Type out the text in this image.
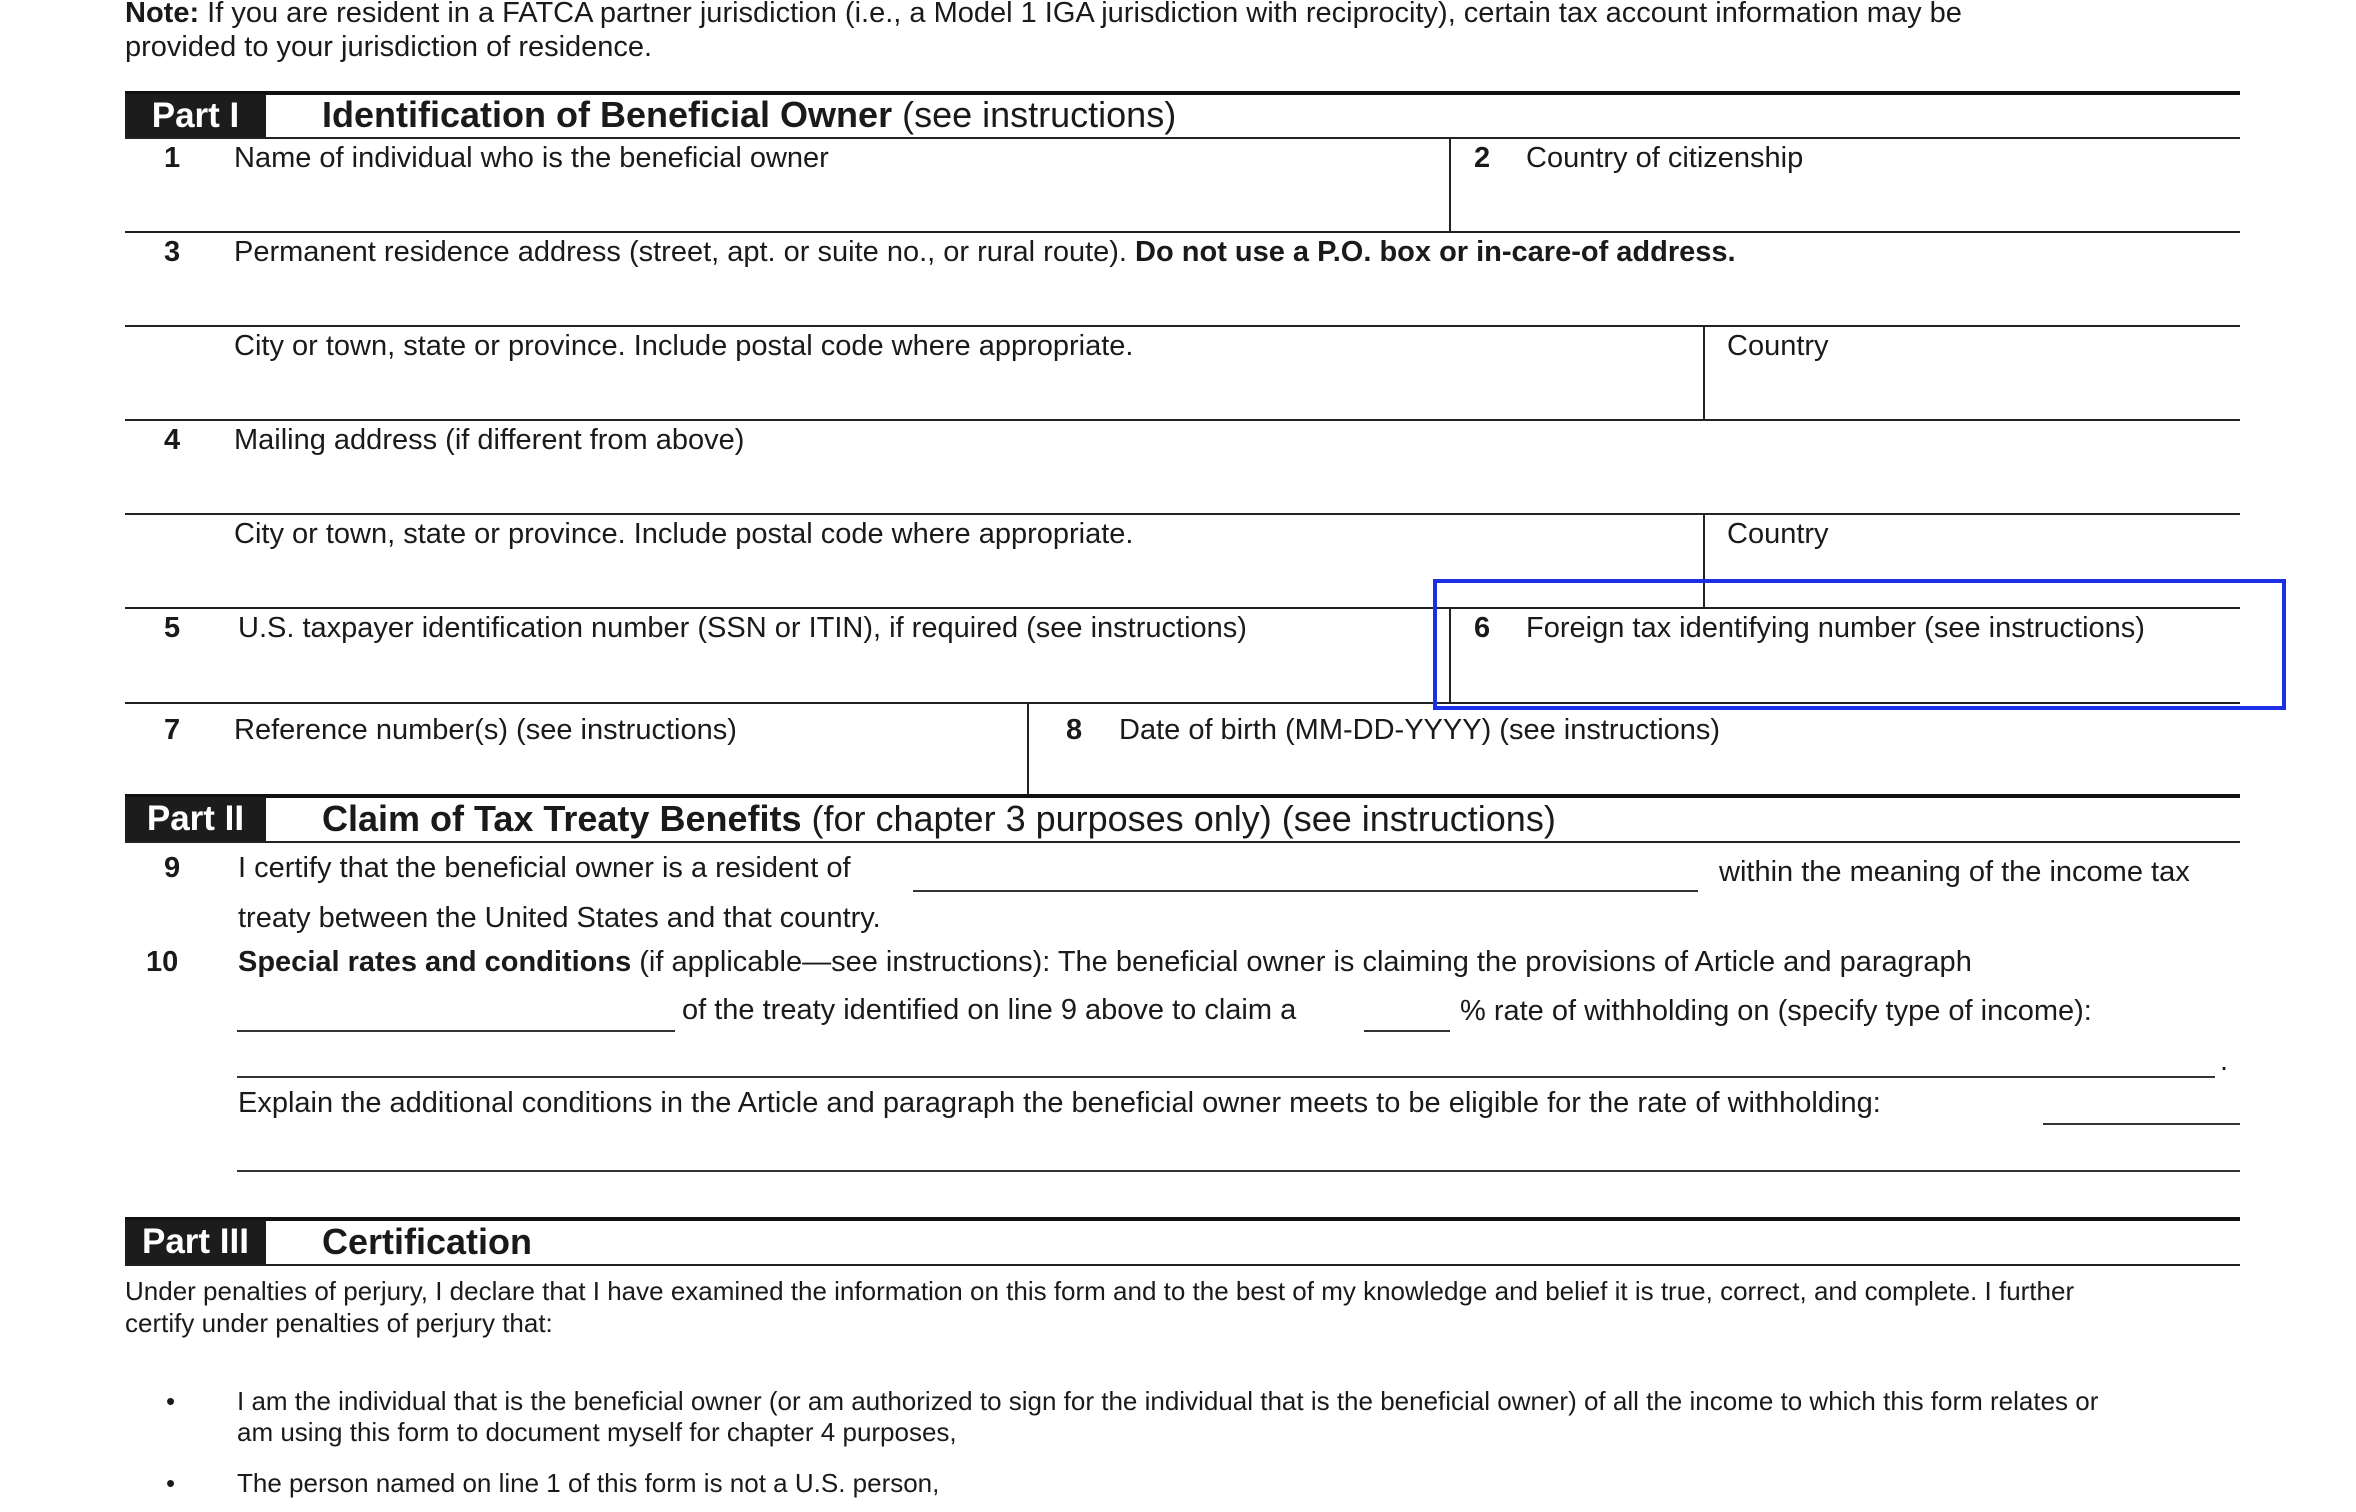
Note: If you are resident in a FATCA partner jurisdiction (i.e., a Model 1 IGA jurisdiction with reciprocity), certain tax account information may be
provided to your jurisdiction of residence.
Part I	Identification of Beneficial Owner (see instructions)
1 Name of individual who is the beneficial owner	2 Country of citizenship
3 Permanent residence address (street, apt. or suite no., or rural route). Do not use a P.O. box or in-care-of address.
City or town, state or province. Include postal code where appropriate.	Country
4 Mailing address (if different from above)
City or town, state or province. Include postal code where appropriate.	Country
5 U.S. taxpayer identification number (SSN or ITIN), if required (see instructions)	6 Foreign tax identifying number (see instructions)
7 Reference number(s) (see instructions)	8 Date of birth (MM-DD-YYYY) (see instructions)
Part II	Claim of Tax Treaty Benefits (for chapter 3 purposes only) (see instructions)
9 I certify that the beneficial owner is a resident of	within the meaning of the income tax
treaty between the United States and that country.
10 Special rates and conditions (if applicable—see instructions): The beneficial owner is claiming the provisions of Article and paragraph
of the treaty identified on line 9 above to claim a	% rate of withholding on (specify type of income):
.
Explain the additional conditions in the Article and paragraph the beneficial owner meets to be eligible for the rate of withholding:
Part III	Certification
Under penalties of perjury, I declare that I have examined the information on this form and to the best of my knowledge and belief it is true, correct, and complete. I further
certify under penalties of perjury that:
• I am the individual that is the beneficial owner (or am authorized to sign for the individual that is the beneficial owner) of all the income to which this form relates or
am using this form to document myself for chapter 4 purposes,
• The person named on line 1 of this form is not a U.S. person,
